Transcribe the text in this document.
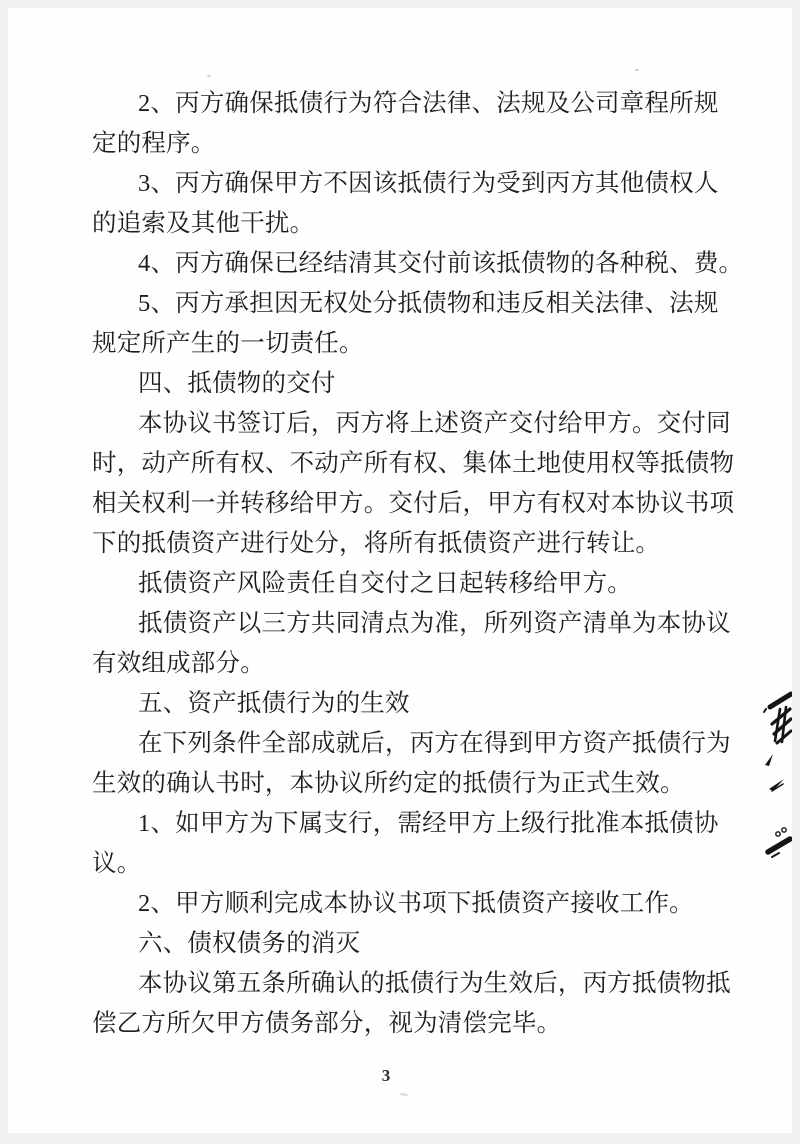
2、丙方确保抵债行为符合法律、法规及公司章程所规
定的程序。
3、丙方确保甲方不因该抵债行为受到丙方其他债权人
的追索及其他干扰。
4、丙方确保已经结清其交付前该抵债物的各种税、费。
5、丙方承担因无权处分抵债物和违反相关法律、法规
规定所产生的一切责任。
四、抵债物的交付
本协议书签订后，丙方将上述资产交付给甲方。交付同
时，动产所有权、不动产所有权、集体土地使用权等抵债物
相关权利一并转移给甲方。交付后，甲方有权对本协议书项
下的抵债资产进行处分，将所有抵债资产进行转让。
抵债资产风险责任自交付之日起转移给甲方。
抵债资产以三方共同清点为准，所列资产清单为本协议
有效组成部分。
五、资产抵债行为的生效
在下列条件全部成就后，丙方在得到甲方资产抵债行为
生效的确认书时，本协议所约定的抵债行为正式生效。
1、如甲方为下属支行，需经甲方上级行批准本抵债协
议。
2、甲方顺利完成本协议书项下抵债资产接收工作。
六、债权债务的消灭
本协议第五条所确认的抵债行为生效后，丙方抵债物抵
偿乙方所欠甲方债务部分，视为清偿完毕。
3
